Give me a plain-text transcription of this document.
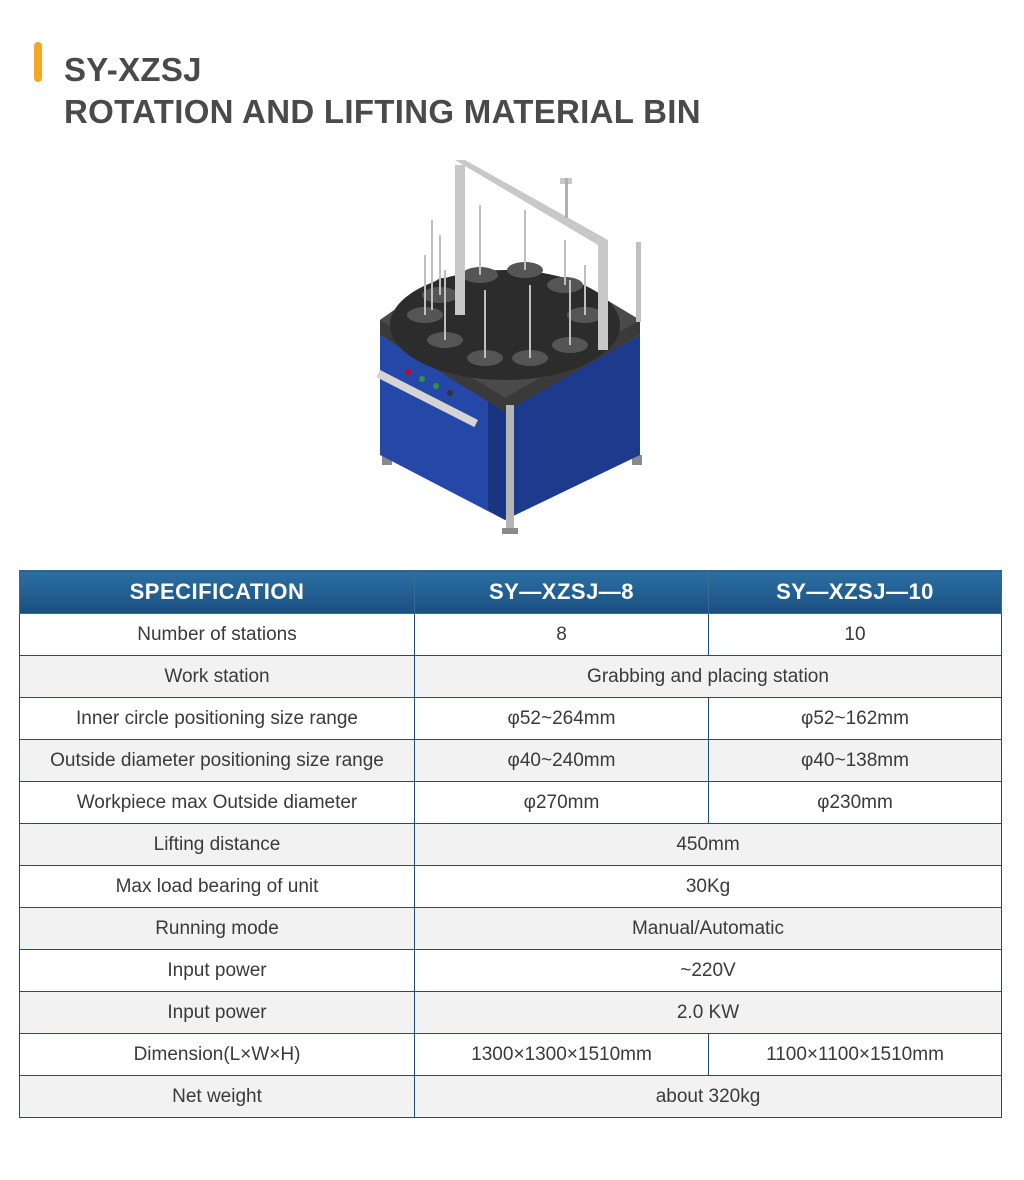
SY-XZSJ
ROTATION AND LIFTING MATERIAL BIN
SPECIFICATION	SY—XZSJ—8	SY—XZSJ—10
Number of stations	8	10
Work station	Grabbing and placing station	
Inner circle positioning size range	φ52~264mm	φ52~162mm
Outside diameter positioning size range	φ40~240mm	φ40~138mm
Workpiece max Outside diameter	φ270mm	φ230mm
Lifting distance	450mm	
Max load bearing of unit	30Kg	
Running mode	Manual/Automatic	
Input power	~220V	
Input power	2.0 KW	
Dimension(L×W×H)	1300×1300×1510mm	1100×1100×1510mm
Net weight	about 320kg	
